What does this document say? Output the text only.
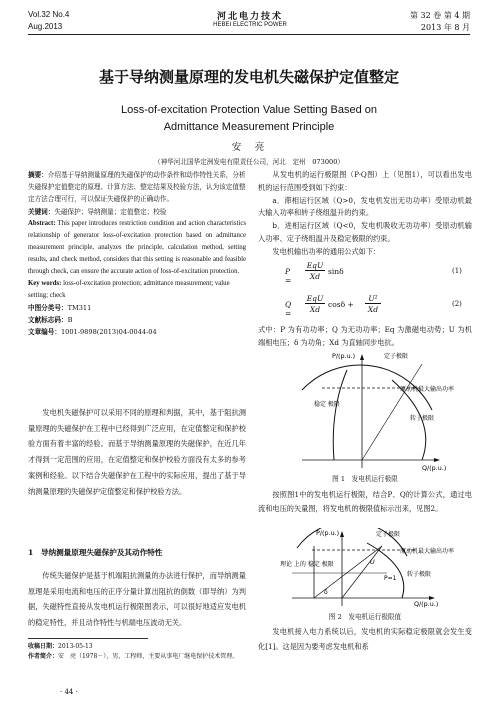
Vol.32 No.4
Aug.2013
河北电力技术
HEBEI ELECTRIC POWER
第 32 卷 第 4 期
2013 年 8 月
基于导纳测量原理的发电机失磁保护定值整定
Loss-of-excitation Protection Value Setting Based on
Admittance Measurement Principle
安　亮
（神华河北国华定洲发电有限责任公司，河北　定州　073000）
摘要：介绍基于导纳测量原理的失磁保护的动作条件和动作特性关系，分析失磁保护定值整定的原理、计算方法、整定结果及校验方法，认为该定值整定方法合理可行，可以保证失磁保护的正确动作。
关键词：失磁保护；导纳测量；定值整定；校验
Abstract: This paper introduces restriction condition and action characteristics relationship of generator loss-of-excitation protection based on admittance measurement principle, analyzes the principle, calculation method, setting results, and check method, considers that this setting is reasonable and feasible through check, can ensure the accurate action of loss-of-excitation protection.
Key words: loss-of-excitation protection; admittance measurement; value setting; check
中图分类号：TM311
文献标志码：B
文章编号：1001-9898(2013)04-0044-04

发电机失磁保护可以采用不同的原理和判据，其中，基于阻抗测量原理的失磁保护在工程中已经得到广泛应用，在定值整定和保护校验方面有着丰富的经验。而基于导纳测量原理的失磁保护，在近几年才得到一定范围的应用，在定值整定和保护校验方面没有太多的参考案例和经验。以下结合失磁保护在工程中的实际应用，提出了基于导纳测量原理的失磁保护定值整定和保护校验方法。

1　导纳测量原理失磁保护及其动作特性

传统失磁保护是基于机端阻抗测量的办法进行保护，而导纳测量原理是采用电流和电压的正序分量计算出阻抗的倒数（即导纳）为判据，失磁特性直接从发电机运行极限图表示，可以很好地适应发电机的稳定特性，并且动作特性与机端电压波动无关。

收稿日期：2013-05-13
作者简介：安　亮（1978－），男，工程师，主要从事电厂继电保护技术管理。
· 44 ·

从发电机的运行极限图（P-Q图）上（见图1），可以看出发电机的运行范围受到如下约束：

a．滞相运行区域（Q>0，发电机发出无功功率）受原动机最大输入功率和转子绕组温升的约束。

b．进相运行区域（Q<0，发电机吸收无功功率）受原动机输入功率、定子绕组温升及稳定极限的约束。

发电机输出功率的通用公式如下：

P =
EqU
Xd
sinδ	(1)
Q =
EqU
Xd
cosδ +
U²
Xd
(2)

式中：P 为有功功率；Q 为无功功率；Eq 为激磁电动势；U 为机端相电压；δ 为功角；Xd 为直轴同步电抗。

P/(p.u.)	定子极限
原动机最大输出功率
转子极限
稳定 极限
Q/(p.u.)
图 1　发电机运行极限

按照图1中的发电机运行极限，结合P、Q的计算公式，通过电流和电压的矢量图，将发电机的极限值标示出来，见图2。

P/(p.u.)	定子极限
原动机最大输出功率
转子极限
理论 上的 稳定 极限	U
P=1
δ
Q/(p.u.)
图 2　发电机运行极限值

发电机接入电力系统以后，发电机的实际稳定极限就会发生变化[1]。这是因为要考虑发电机和系
